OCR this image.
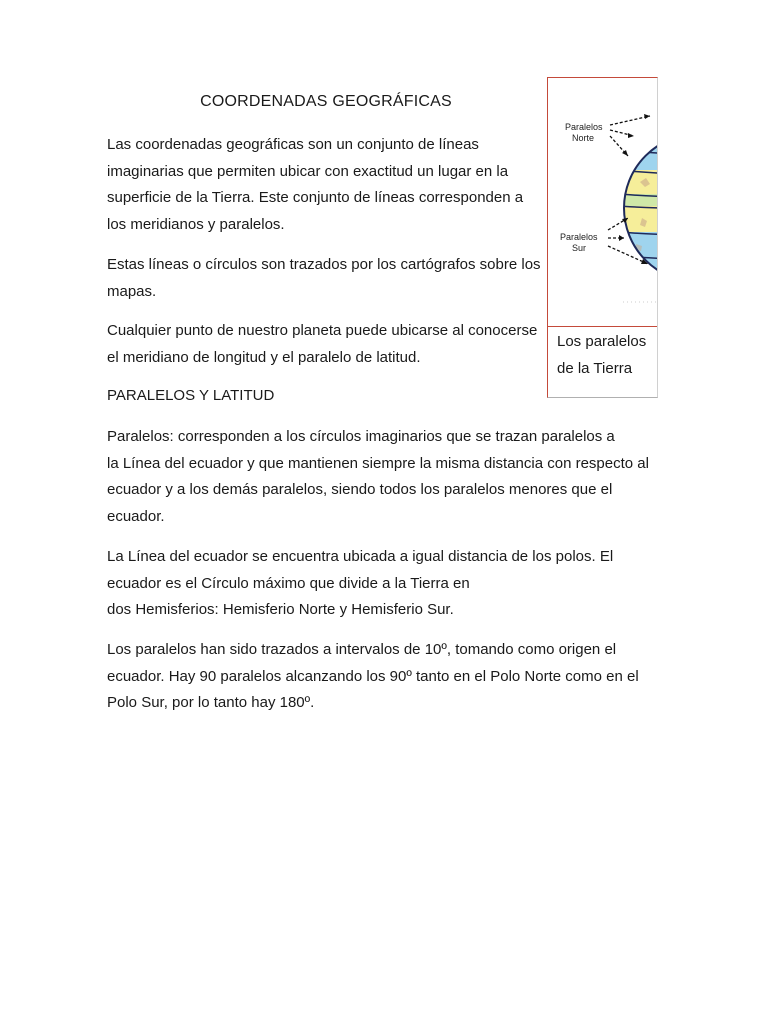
COORDENADAS GEOGRÁFICAS

Las coordenadas geográficas son un conjunto de líneas
imaginarias que permiten ubicar con exactitud un lugar en la
superficie de la Tierra. Este conjunto de líneas corresponden a
los meridianos y paralelos.

Estas líneas o círculos son trazados por los cartógrafos sobre los
mapas.

Cualquier punto de nuestro planeta puede ubicarse al conocerse
el meridiano de longitud y el paralelo de latitud.

PARALELOS Y LATITUD

Paralelos: corresponden a los círculos imaginarios que se trazan paralelos a
la Línea del ecuador y que mantienen siempre la misma distancia con respecto al
ecuador y a los demás paralelos, siendo todos los paralelos menores que el
ecuador.

La Línea del ecuador se encuentra ubicada a igual distancia de los polos. El
ecuador es el Círculo máximo que divide a la Tierra en
dos Hemisferios: Hemisferio Norte y Hemisferio Sur.

Los paralelos han sido trazados a intervalos de 10º, tomando como origen el
ecuador. Hay 90 paralelos alcanzando los 90º tanto en el Polo Norte como en el
Polo Sur, por lo tanto hay 180º.

Paralelos
Norte
Paralelos
Sur
Los paralelos
de la Tierra
